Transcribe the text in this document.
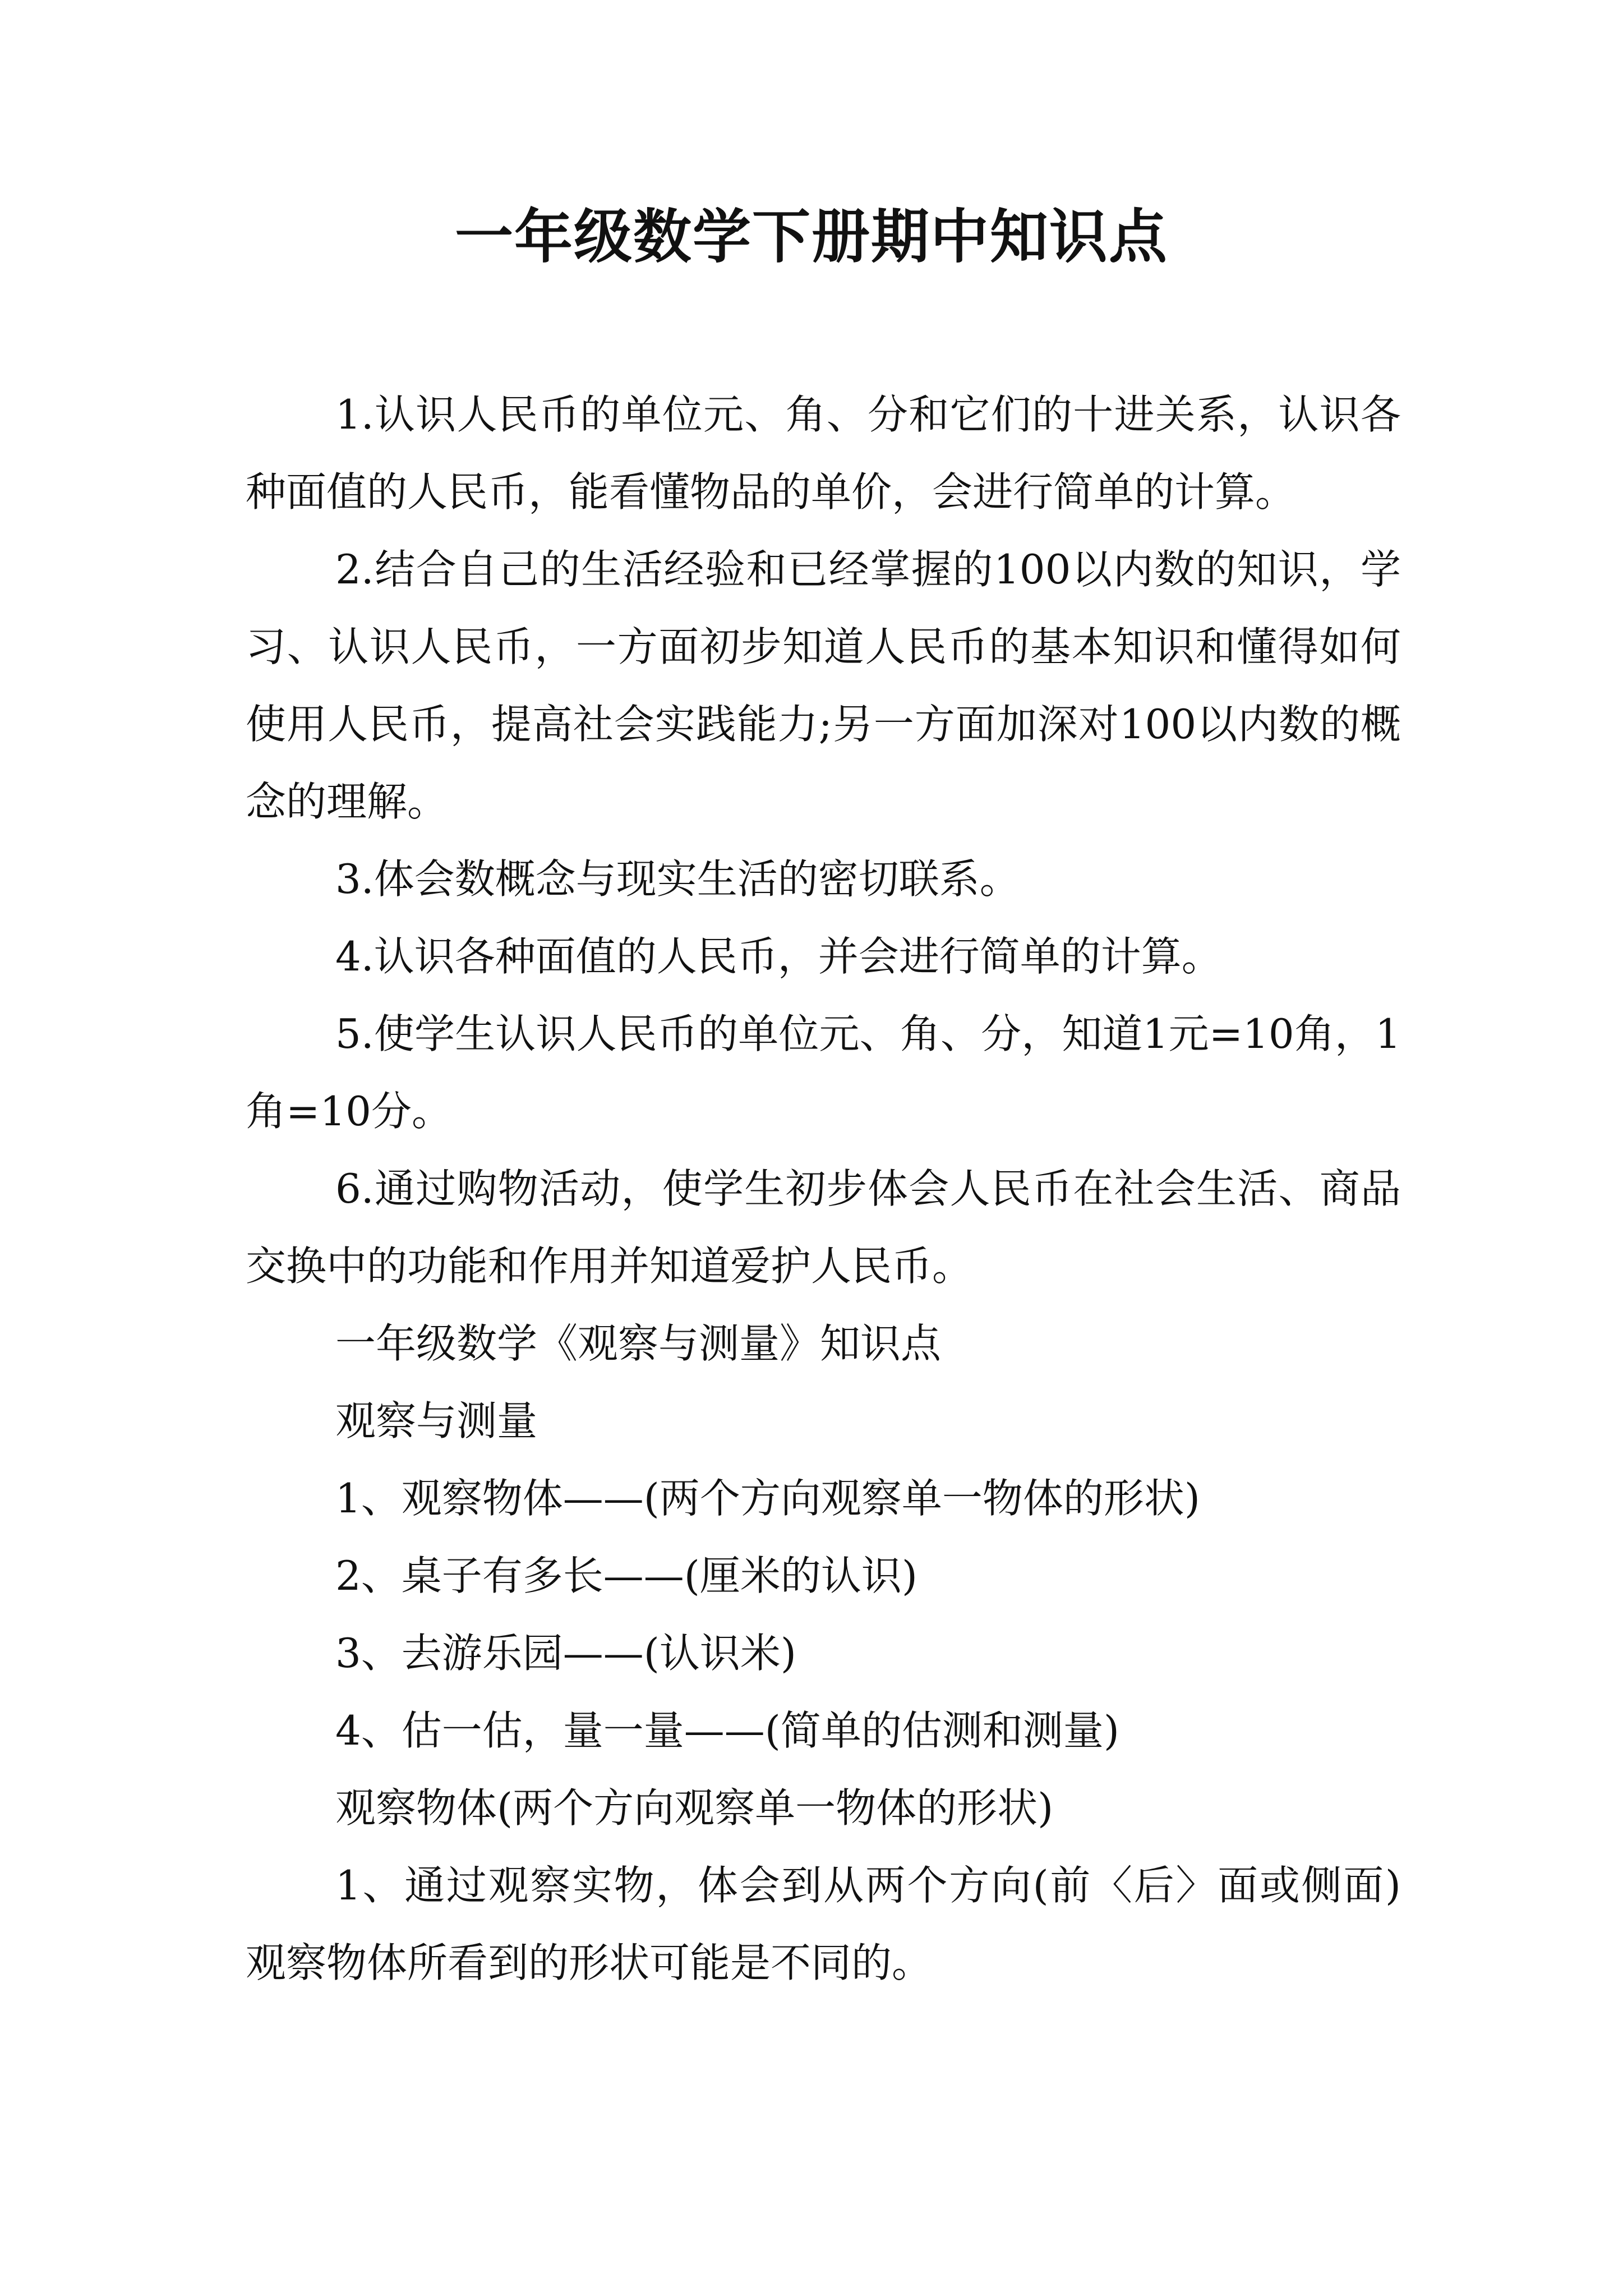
一年级数学下册期中知识点

1.认识人民币的单位元、角、分和它们的十进关系，认识各种面值的人民币，能看懂物品的单价，会进行简单的计算。

2.结合自己的生活经验和已经掌握的100以内数的知识，学习、认识人民币，一方面初步知道人民币的基本知识和懂得如何使用人民币，提高社会实践能力;另一方面加深对100以内数的概念的理解。

3.体会数概念与现实生活的密切联系。

4.认识各种面值的人民币，并会进行简单的计算。

5.使学生认识人民币的单位元、角、分，知道1元=10角，1角=10分。

6.通过购物活动，使学生初步体会人民币在社会生活、商品交换中的功能和作用并知道爱护人民币。

一年级数学《观察与测量》知识点

观察与测量

1、观察物体——(两个方向观察单一物体的形状)

2、桌子有多长——(厘米的认识)

3、去游乐园——(认识米)

4、估一估，量一量——(简单的估测和测量)

观察物体(两个方向观察单一物体的形状)

1、通过观察实物，体会到从两个方向(前〈后〉面或侧面)观察物体所看到的形状可能是不同的。
